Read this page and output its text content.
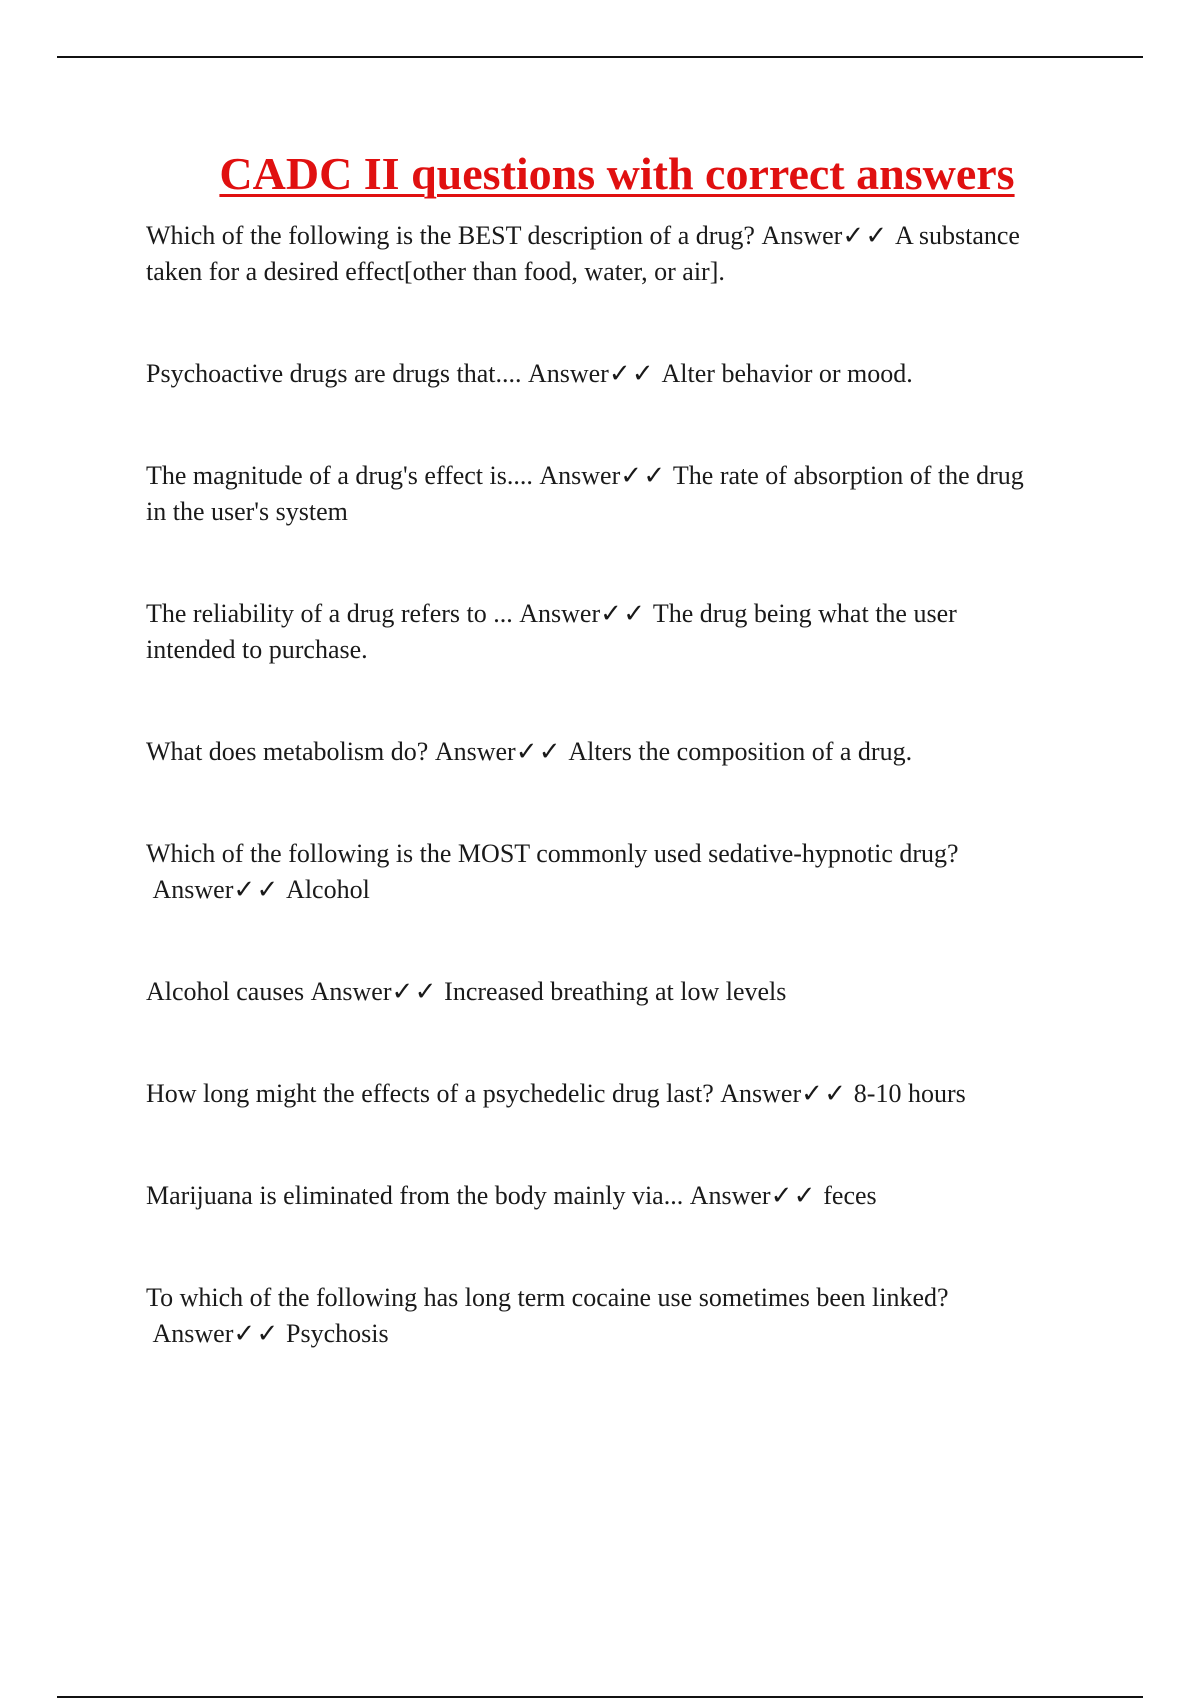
CADC II questions with correct answers
Which of the following is the BEST description of a drug? Answer✓✓ A substance taken for a desired effect[other than food, water, or air].
Psychoactive drugs are drugs that.... Answer✓✓ Alter behavior or mood.
The magnitude of a drug's effect is.... Answer✓✓ The rate of absorption of the drug in the user's system
The reliability of a drug refers to ... Answer✓✓ The drug being what the user intended to purchase.
What does metabolism do? Answer✓✓ Alters the composition of a drug.
Which of the following is the MOST commonly used sedative-hypnotic drug?Answer✓✓ Alcohol
Alcohol causes Answer✓✓ Increased breathing at low levels
How long might the effects of a psychedelic drug last? Answer✓✓ 8-10 hours
Marijuana is eliminated from the body mainly via... Answer✓✓ feces
To which of the following has long term cocaine use sometimes been linked?Answer✓✓ Psychosis
